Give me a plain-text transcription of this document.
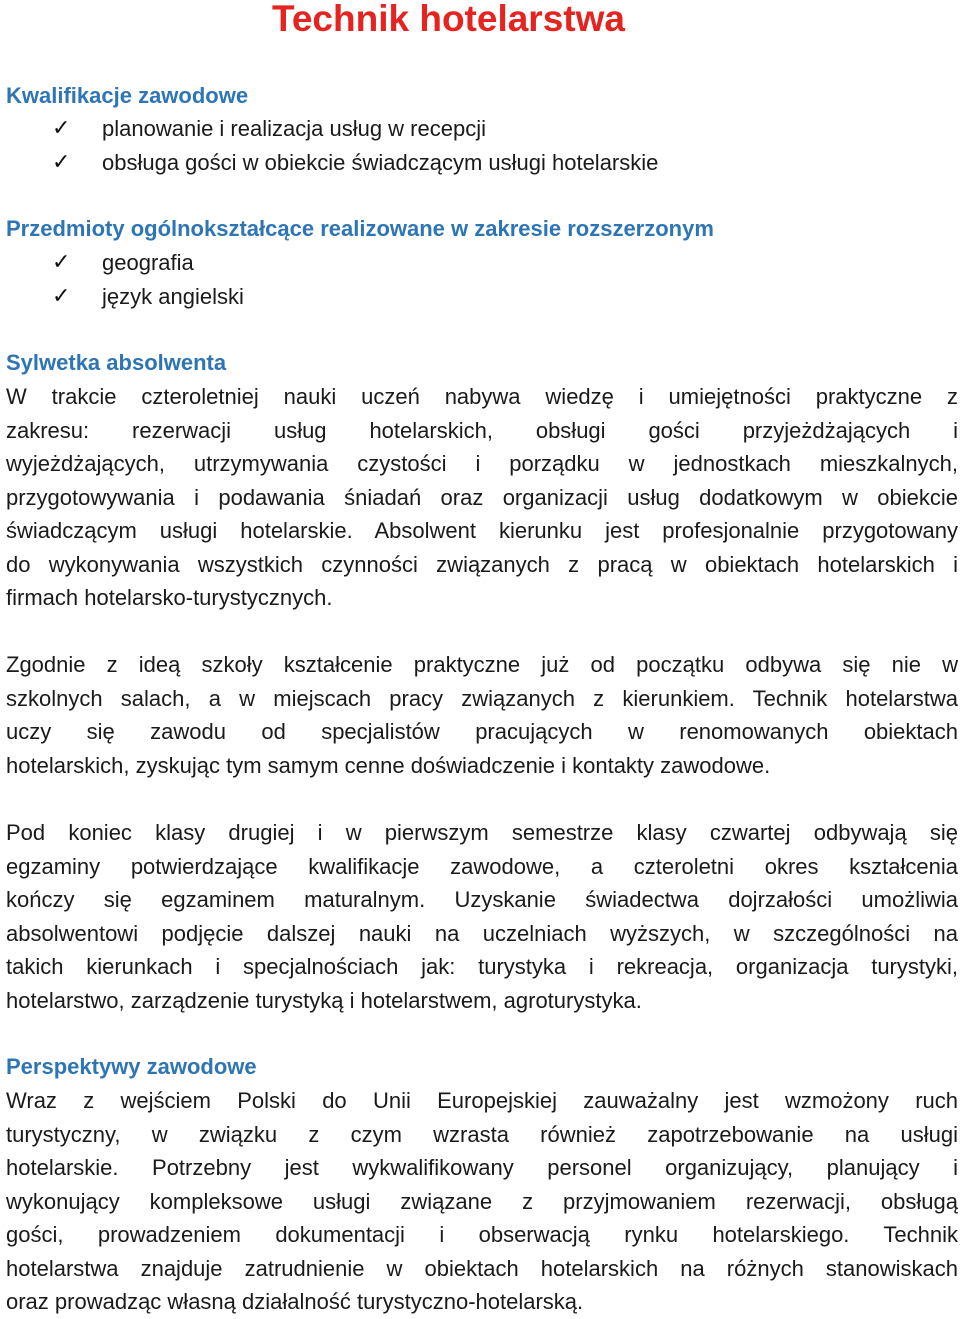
Technik hotelarstwa
Kwalifikacje zawodowe
✓ planowanie i realizacja usług w recepcji
✓ obsługa gości w obiekcie świadczącym usługi hotelarskie
Przedmioty ogólnokształcące realizowane w zakresie rozszerzonym
✓ geografia
✓ język angielski
Sylwetka absolwenta

W trakcie czteroletniej nauki uczeń nabywa wiedzę i umiejętności praktyczne z
zakresu: rezerwacji usług hotelarskich, obsługi gości przyjeżdżających i
wyjeżdżających, utrzymywania czystości i porządku w jednostkach mieszkalnych,
przygotowywania i podawania śniadań oraz organizacji usług dodatkowym w obiekcie
świadczącym usługi hotelarskie. Absolwent kierunku jest profesjonalnie przygotowany
do wykonywania wszystkich czynności związanych z pracą w obiektach hotelarskich i
firmach hotelarsko-turystycznych.

Zgodnie z ideą szkoły kształcenie praktyczne już od początku odbywa się nie w
szkolnych salach, a w miejscach pracy związanych z kierunkiem. Technik hotelarstwa
uczy się zawodu od specjalistów pracujących w renomowanych obiektach
hotelarskich, zyskując tym samym cenne doświadczenie i kontakty zawodowe.

Pod koniec klasy drugiej i w pierwszym semestrze klasy czwartej odbywają się
egzaminy potwierdzające kwalifikacje zawodowe, a czteroletni okres kształcenia
kończy się egzaminem maturalnym. Uzyskanie świadectwa dojrzałości umożliwia
absolwentowi podjęcie dalszej nauki na uczelniach wyższych, w szczególności na
takich kierunkach i specjalnościach jak: turystyka i rekreacja, organizacja turystyki,
hotelarstwo, zarządzenie turystyką i hotelarstwem, agroturystyka.

Perspektywy zawodowe

Wraz z wejściem Polski do Unii Europejskiej zauważalny jest wzmożony ruch
turystyczny, w związku z czym wzrasta również zapotrzebowanie na usługi
hotelarskie. Potrzebny jest wykwalifikowany personel organizujący, planujący i
wykonujący kompleksowe usługi związane z przyjmowaniem rezerwacji, obsługą
gości, prowadzeniem dokumentacji i obserwacją rynku hotelarskiego. Technik
hotelarstwa znajduje zatrudnienie w obiektach hotelarskich na różnych stanowiskach
oraz prowadząc własną działalność turystyczno-hotelarską.
